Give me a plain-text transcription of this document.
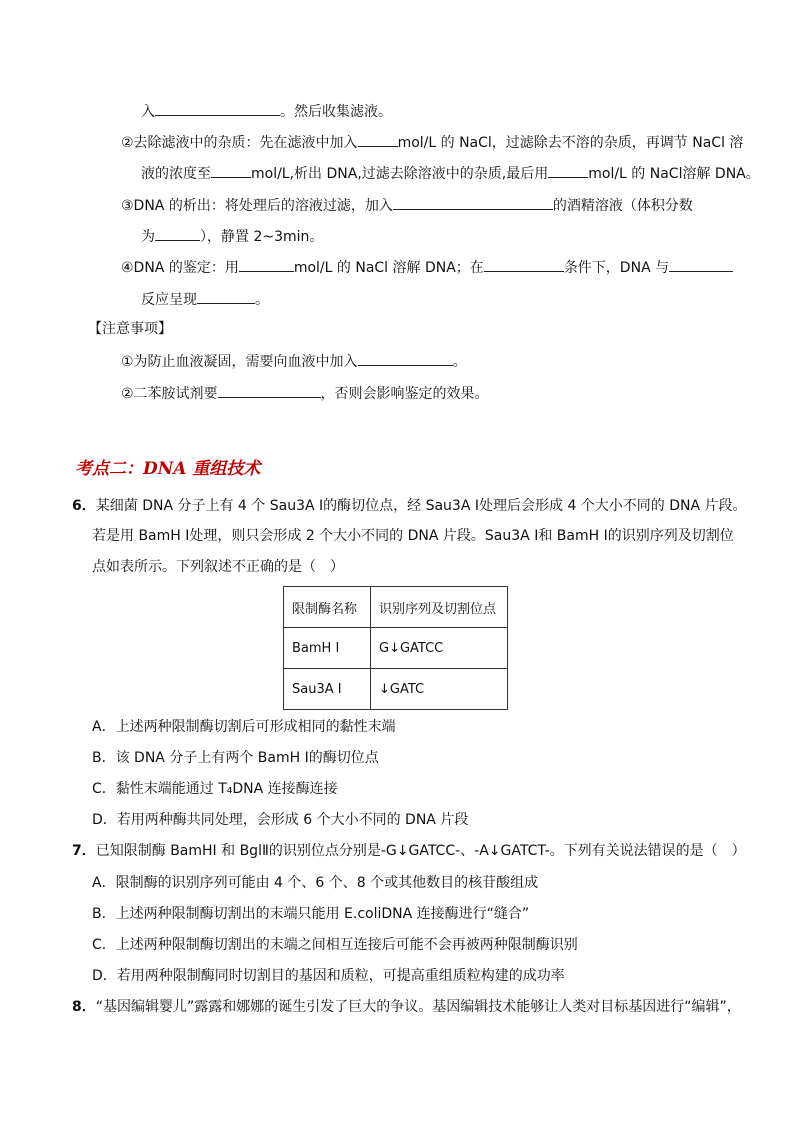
入	。然后收集滤液。
②去除滤液中的杂质：先在滤液中加入	mol/L 的 NaCl，过滤除去不溶的杂质，再调节 NaCl 溶
液的浓度至	mol/L,析出 DNA,过滤去除溶液中的杂质,最后用	mol/L 的 NaCl溶解 DNA。
③DNA 的析出：将处理后的溶液过滤，加入	的酒精溶液（体积分数
为	），静置 2~3min。
④DNA 的鉴定：用	mol/L 的 NaCl 溶解 DNA；在	条件下，DNA 与
反应呈现	。
【注意事项】
①为防止血液凝固，需要向血液中加入	。
②二苯胺试剂要	，否则会影响鉴定的效果。
考点二：DNA 重组技术
6．某细菌 DNA 分子上有 4 个 Sau3A Ⅰ的酶切位点，经 Sau3A Ⅰ处理后会形成 4 个大小不同的 DNA 片段。
若是用 BamH Ⅰ处理，则只会形成 2 个大小不同的 DNA 片段。Sau3A Ⅰ和 BamH Ⅰ的识别序列及切割位
点如表所示。下列叙述不正确的是（　）
限制酶名称	识别序列及切割位点
BamH Ⅰ	G↓GATCC
Sau3A Ⅰ	↓GATC
A．上述两种限制酶切割后可形成相同的黏性末端
B．该 DNA 分子上有两个 BamH Ⅰ的酶切位点
C．黏性末端能通过 T₄DNA 连接酶连接
D．若用两种酶共同处理，会形成 6 个大小不同的 DNA 片段
7．已知限制酶 BamHI 和 BglⅡ的识别位点分别是-G↓GATCC-、-A↓GATCT-。下列有关说法错误的是（　）
A．限制酶的识别序列可能由 4 个、6 个、8 个或其他数目的核苷酸组成
B．上述两种限制酶切割出的末端只能用 E.coliDNA 连接酶进行“缝合”
C．上述两种限制酶切割出的末端之间相互连接后可能不会再被两种限制酶识别
D．若用两种限制酶同时切割目的基因和质粒，可提高重组质粒构建的成功率
8．“基因编辑婴儿”露露和娜娜的诞生引发了巨大的争议。基因编辑技术能够让人类对目标基因进行“编辑”，
